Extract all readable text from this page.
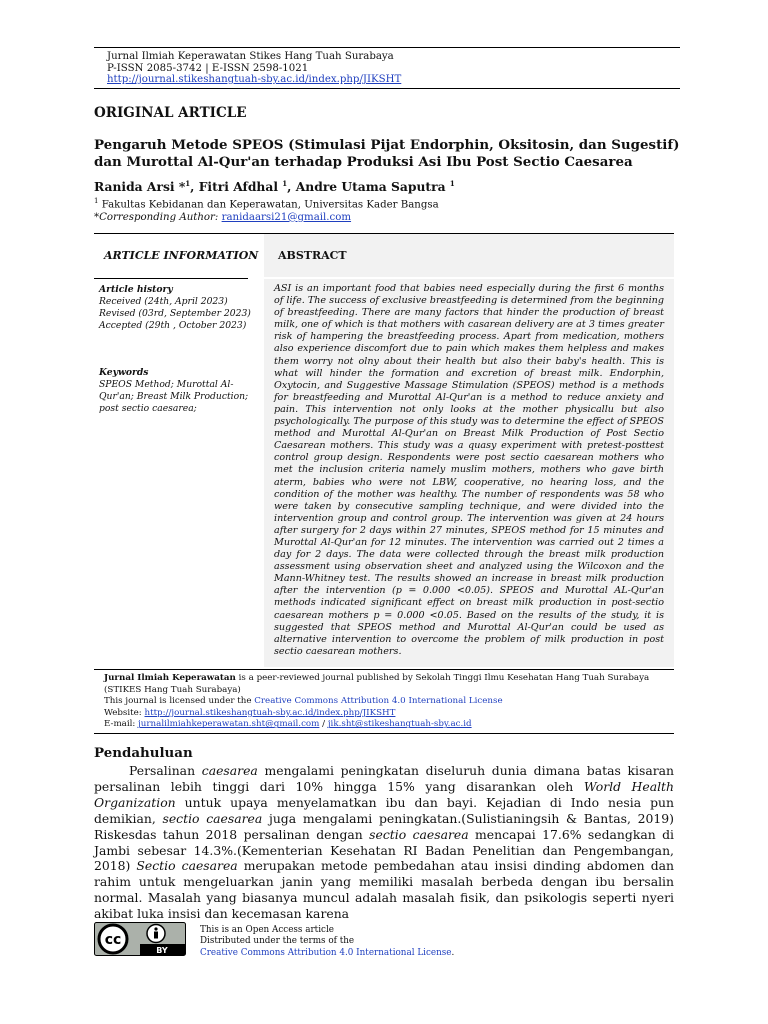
Jurnal Ilmiah Keperawatan Stikes Hang Tuah Surabaya
P-ISSN 2085-3742 | E-ISSN 2598-1021
http://journal.stikeshangtuah-sby.ac.id/index.php/JIKSHT
ORIGINAL ARTICLE
Pengaruh Metode SPEOS (Stimulasi Pijat Endorphin, Oksitosin, dan Sugestif) dan Murottal Al-Qur'an terhadap Produksi Asi Ibu Post Sectio Caesarea
Ranida Arsi *$^1$, Fitri Afdhal $^1$, Andre Utama Saputra $^1$
$^1$ Fakultas Kebidanan dan Keperawatan, Universitas Kader Bangsa
*Corresponding Author: ranidaarsi21@gmail.com
ARTICLE INFORMATION ABSTRACT
Article history
Received (24th, April 2023)
Revised (03rd, September 2023)
Accepted (29th , October 2023)
Keywords
SPEOS Method; Murottal Al-Qur'an; Breast Milk Production; post sectio caesarea;
ASI is an important food that babies need especially during the first 6 months of life. The success of exclusive breastfeeding is determined from the beginning of breastfeeding. There are many factors that hinder the production of breast milk, one of which is that mothers with casarean delivery are at 3 times greater risk of hampering the breastfeeding process. Apart from medication, mothers also experience discomfort due to pain which makes them helpless and makes them worry not olny about their health but also their baby's health. This is what will hinder the formation and excretion of breast milk. Endorphin, Oxytocin, and Suggestive Massage Stimulation (SPEOS) method is a methods for breastfeeding and Murottal Al-Qur'an is a method to reduce anxiety and pain. This intervention not only looks at the mother physicallu but also psychologically. The purpose of this study was to determine the effect of SPEOS method and Murottal Al-Qur'an on Breast Milk Production of Post Sectio Caesarean mothers. This study was a quasy experiment with pretest-posttest control group design. Respondents were post sectio caesarean mothers who met the inclusion criteria namely muslim mothers, mothers who gave birth aterm, babies who were not LBW, cooperative, no hearing loss, and the condition of the mother was healthy. The number of respondents was 58 who were taken by consecutive sampling technique, and were divided into the intervention group and control group. The intervention was given at 24 hours after surgery for 2 days within 27 minutes, SPEOS method for 15 minutes and Murottal Al-Qur'an for 12 minutes. The intervention was carried out 2 times a day for 2 days. The data were collected through the breast milk production assessment using observation sheet and analyzed using the Wilcoxon and the Mann-Whitney test. The results showed an increase in breast milk production after the intervention (p = 0.000 <0.05). SPEOS and Murottal AL-Qur'an methods indicated significant effect on breast milk production in post-sectio caesarean mothers p = 0.000 <0.05. Based on the results of the study, it is suggested that SPEOS method and Murottal Al-Qur'an could be used as alternative intervention to overcome the problem of milk production in post sectio caesarean mothers.
Jurnal Ilmiah Keperawatan is a peer-reviewed journal published by Sekolah Tinggi Ilmu Kesehatan Hang Tuah Surabaya
(STIKES Hang Tuah Surabaya)
This journal is licensed under the Creative Commons Attribution 4.0 International License
Website: http://journal.stikeshangtuah-sby.ac.id/index.php/JIKSHT
E-mail: jurnalilmiahkeperawatan.sht@gmail.com / jik.sht@stikeshangtuah-sby.ac.id
Pendahuluan

Persalinan caesarea mengalami peningkatan diseluruh dunia dimana batas kisaran persalinan lebih tinggi dari 10% hingga 15% yang disarankan oleh World Health Organization untuk upaya menyelamatkan ibu dan bayi. Kejadian di Indo nesia pun demikian, sectio caesarea juga mengalami peningkatan.(Sulistianingsih & Bantas, 2019) Riskesdas tahun 2018 persalinan dengan sectio caesarea mencapai 17.6% sedangkan di Jambi sebesar 14.3%.(Kementerian Kesehatan RI Badan Penelitian dan Pengembangan, 2018) Sectio caesarea merupakan metode pembedahan atau insisi dinding abdomen dan rahim untuk mengeluarkan janin yang memiliki masalah berbeda dengan ibu bersalin normal. Masalah yang biasanya muncul adalah masalah fisik, dan psikologis seperti nyeri akibat luka insisi dan kecemasan karena

cc
BY
This is an Open Access article
Distributed under the terms of the
Creative Commons Attribution 4.0 International License.
